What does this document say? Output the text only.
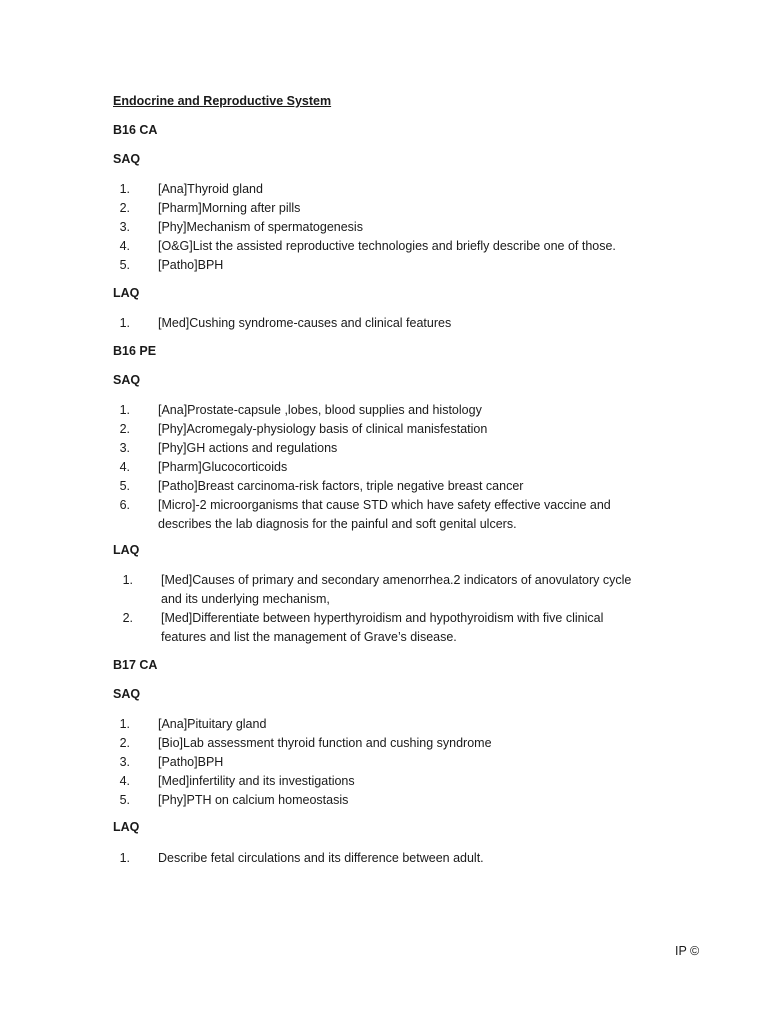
Endocrine and Reproductive System

B16 CA

SAQ

1. [Ana]Thyroid gland
2. [Pharm]Morning after pills
3. [Phy]Mechanism of spermatogenesis
4. [O&G]List the assisted reproductive technologies and briefly describe one of those.
5. [Patho]BPH

LAQ

1. [Med]Cushing syndrome-causes and clinical features

B16 PE

SAQ

1. [Ana]Prostate-capsule ,lobes, blood supplies and histology
2. [Phy]Acromegaly-physiology basis of clinical manisfestation
3. [Phy]GH actions and regulations
4. [Pharm]Glucocorticoids
5. [Patho]Breast carcinoma-risk factors, triple negative breast cancer
6. [Micro]-2 microorganisms that cause STD which have safety effective vaccine and
describes the lab diagnosis for the painful and soft genital ulcers.

LAQ

1. [Med]Causes of primary and secondary amenorrhea.2 indicators of anovulatory cycle
and its underlying mechanism,
2. [Med]Differentiate between hyperthyroidism and hypothyroidism with five clinical
features and list the management of Grave’s disease.

B17 CA

SAQ

1. [Ana]Pituitary gland
2. [Bio]Lab assessment thyroid function and cushing syndrome
3. [Patho]BPH
4. [Med]infertility and its investigations
5. [Phy]PTH on calcium homeostasis

LAQ

1. Describe fetal circulations and its difference between adult.
IP ©
